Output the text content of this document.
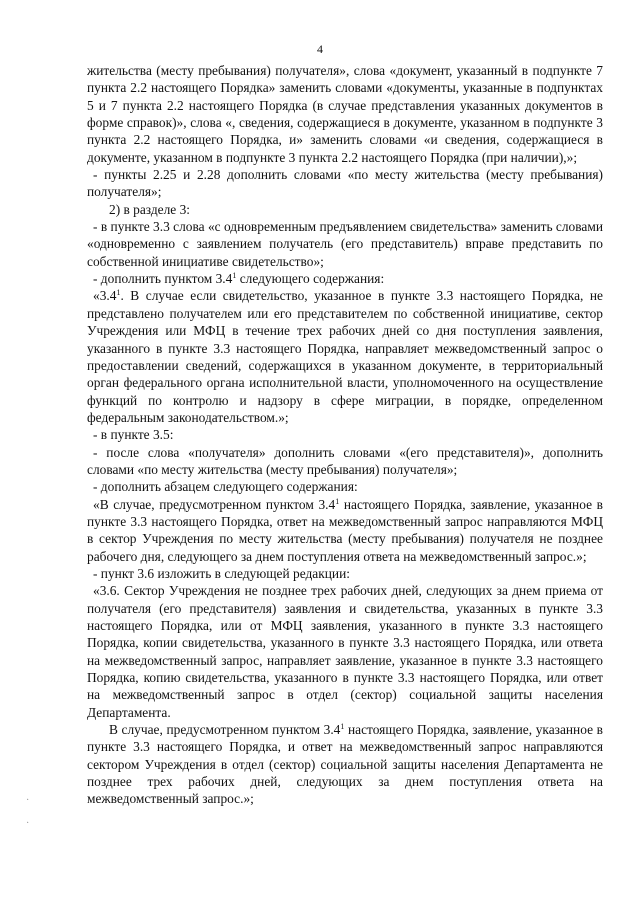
4

жительства (месту пребывания) получателя», слова «документ, указанный в подпункте 7 пункта 2.2 настоящего Порядка» заменить словами «документы, указанные в подпунктах 5 и 7 пункта 2.2 настоящего Порядка (в случае представления указанных документов в форме справок)», слова «, сведения, содержащиеся в документе, указанном в подпункте 3 пункта 2.2 настоящего Порядка, и» заменить словами «и сведения, содержащиеся в документе, указанном в подпункте 3 пункта 2.2 настоящего Порядка (при наличии),»;

- пункты 2.25 и 2.28 дополнить словами «по месту жительства (месту пребывания) получателя»;

2) в разделе 3:

- в пункте 3.3 слова «с одновременным предъявлением свидетельства» заменить словами «одновременно с заявлением получатель (его представитель) вправе представить по собственной инициативе свидетельство»;

- дополнить пунктом $3.4^1$ следующего содержания:

«$3.4^1$. В случае если свидетельство, указанное в пункте 3.3 настоящего Порядка, не представлено получателем или его представителем по собственной инициативе, сектор Учреждения или МФЦ в течение трех рабочих дней со дня поступления заявления, указанного в пункте 3.3 настоящего Порядка, направляет межведомственный запрос о предоставлении сведений, содержащихся в указанном документе, в территориальный орган федерального органа исполнительной власти, уполномоченного на осуществление функций по контролю и надзору в сфере миграции, в порядке, определенном федеральным законодательством.»;

- в пункте 3.5:

- после слова «получателя» дополнить словами «(его представителя)», дополнить словами «по месту жительства (месту пребывания) получателя»;

- дополнить абзацем следующего содержания:

«В случае, предусмотренном пунктом $3.4^1$ настоящего Порядка, заявление, указанное в пункте 3.3 настоящего Порядка, ответ на межведомственный запрос направляются МФЦ в сектор Учреждения по месту жительства (месту пребывания) получателя не позднее рабочего дня, следующего за днем поступления ответа на межведомственный запрос.»;

- пункт 3.6 изложить в следующей редакции:

«3.6. Сектор Учреждения не позднее трех рабочих дней, следующих за днем приема от получателя (его представителя) заявления и свидетельства, указанных в пункте 3.3 настоящего Порядка, или от МФЦ заявления, указанного в пункте 3.3 настоящего Порядка, копии свидетельства, указанного в пункте 3.3 настоящего Порядка, или ответа на межведомственный запрос, направляет заявление, указанное в пункте 3.3 настоящего Порядка, копию свидетельства, указанного в пункте 3.3 настоящего Порядка, или ответ на межведомственный запрос в отдел (сектор) социальной защиты населения Департамента.

В случае, предусмотренном пунктом $3.4^1$ настоящего Порядка, заявление, указанное в пункте 3.3 настоящего Порядка, и ответ на межведомственный запрос направляются сектором Учреждения в отдел (сектор) социальной защиты населения Департамента не позднее трех рабочих дней, следующих за днем поступления ответа на межведомственный запрос.»;

·
·
